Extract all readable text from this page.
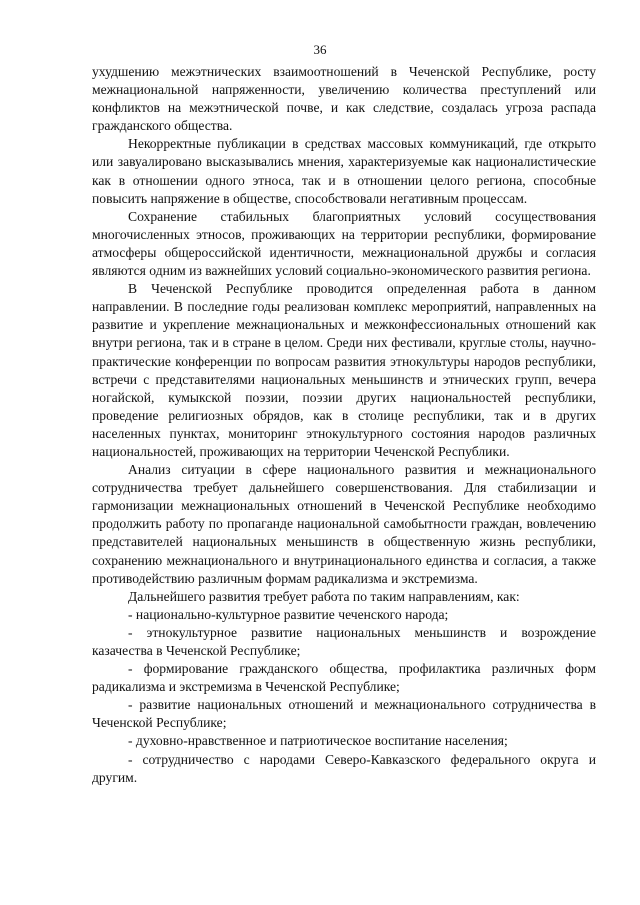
36

ухудшению межэтнических взаимоотношений в Чеченской Республике, росту межнациональной напряженности, увеличению количества преступлений или конфликтов на межэтнической почве, и как следствие, создалась угроза распада гражданского общества.

Некорректные публикации в средствах массовых коммуникаций, где открыто или завуалировано высказывались мнения, характеризуемые как националистические как в отношении одного этноса, так и в отношении целого региона, способные повысить напряжение в обществе, способствовали негативным процессам.

Сохранение стабильных благоприятных условий сосуществования многочисленных этносов, проживающих на территории республики, формирование атмосферы общероссийской идентичности, межнациональной дружбы и согласия являются одним из важнейших условий социально-экономического развития региона.

В Чеченской Республике проводится определенная работа в данном направлении. В последние годы реализован комплекс мероприятий, направленных на развитие и укрепление межнациональных и межконфессиональных отношений как внутри региона, так и в стране в целом. Среди них фестивали, круглые столы, научно-практические конференции по вопросам развития этнокультуры народов республики, встречи с представителями национальных меньшинств и этнических групп, вечера ногайской, кумыкской поэзии, поэзии других национальностей республики, проведение религиозных обрядов, как в столице республики, так и в других населенных пунктах, мониторинг этнокультурного состояния народов различных национальностей, проживающих на территории Чеченской Республики.

Анализ ситуации в сфере национального развития и межнационального сотрудничества требует дальнейшего совершенствования. Для стабилизации и гармонизации межнациональных отношений в Чеченской Республике необходимо продолжить работу по пропаганде национальной самобытности граждан, вовлечению представителей национальных меньшинств в общественную жизнь республики, сохранению межнационального и внутринационального единства и согласия, а также противодействию различным формам радикализма и экстремизма.

Дальнейшего развития требует работа по таким направлениям, как:

- национально-культурное развитие чеченского народа;

- этнокультурное развитие национальных меньшинств и возрождение казачества в Чеченской Республике;

- формирование гражданского общества, профилактика различных форм радикализма и экстремизма в Чеченской Республике;

- развитие национальных отношений и межнационального сотрудничества в Чеченской Республике;

- духовно-нравственное и патриотическое воспитание населения;

- сотрудничество с народами Северо-Кавказского федерального округа и другим.
